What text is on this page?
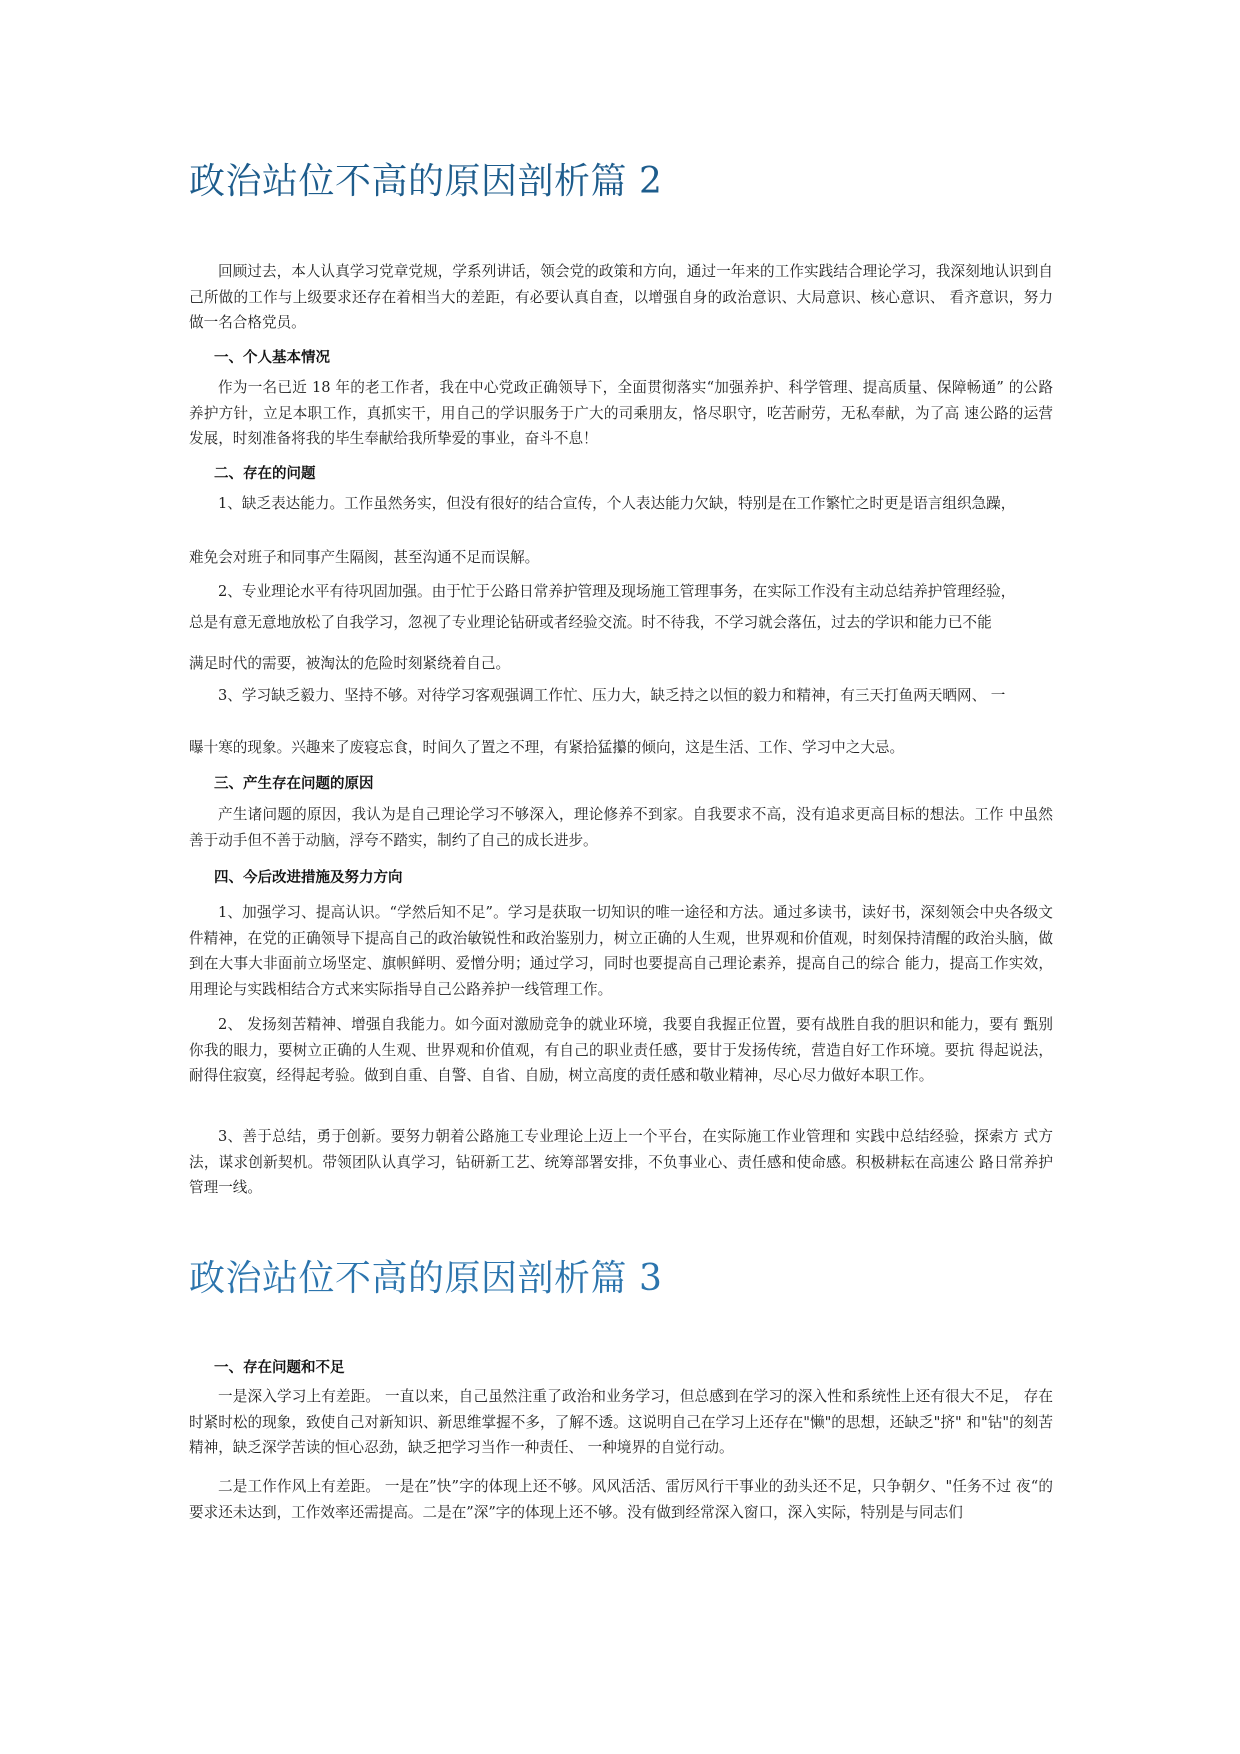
政治站位不高的原因剖析篇 2

回顾过去，本人认真学习党章党规，学系列讲话，领会党的政策和方向，通过一年来的工作实践结合理论学习，我深刻地认识到自己所做的工作与上级要求还存在着相当大的差距，有必要认真自查，以增强自身的政治意识、大局意识、核心意识、 看齐意识，努力做一名合格党员。

一、个人基本情况

作为一名已近 18 年的老工作者，我在中心党政正确领导下，全面贯彻落实“加强养护、科学管理、提高质量、保障畅通” 的公路养护方针，立足本职工作，真抓实干，用自己的学识服务于广大的司乘朋友，恪尽职守，吃苦耐劳，无私奉献，为了高 速公路的运营发展，时刻准备将我的毕生奉献给我所挚爱的事业，奋斗不息！

二、存在的问题

1、缺乏表达能力。工作虽然务实，但没有很好的结合宣传，个人表达能力欠缺，特别是在工作繁忙之时更是语言组织急躁，

难免会对班子和同事产生隔阂，甚至沟通不足而误解。

2、专业理论水平有待巩固加强。由于忙于公路日常养护管理及现场施工管理事务，在实际工作没有主动总结养护管理经验，

总是有意无意地放松了自我学习，忽视了专业理论钻研或者经验交流。时不待我，不学习就会落伍，过去的学识和能力已不能

满足时代的需要，被淘汰的危险时刻紧绕着自己。

3、学习缺乏毅力、坚持不够。对待学习客观强调工作忙、压力大，缺乏持之以恒的毅力和精神，有三天打鱼两天晒网、 一

曝十寒的现象。兴趣来了废寝忘食，时间久了置之不理，有紧拾猛攥的倾向，这是生活、工作、学习中之大忌。

三、产生存在问题的原因

产生诸问题的原因，我认为是自己理论学习不够深入，理论修养不到家。自我要求不高，没有追求更高目标的想法。工作 中虽然善于动手但不善于动脑，浮夸不踏实，制约了自己的成长进步。

四、今后改进措施及努力方向

1、加强学习、提高认识。“学然后知不足”。学习是获取一切知识的唯一途径和方法。通过多读书，读好书，深刻领会中央各级文件精神，在党的正确领导下提高自己的政治敏锐性和政治鉴别力，树立正确的人生观，世界观和价值观，时刻保持清醒的政治头脑，做到在大事大非面前立场坚定、旗帜鲜明、爱憎分明；通过学习，同时也要提高自己理论素养，提高自己的综合 能力，提高工作实效，用理论与实践相结合方式来实际指导自己公路养护一线管理工作。

2、 发扬刻苦精神、增强自我能力。如今面对激励竞争的就业环境，我要自我握正位置，要有战胜自我的胆识和能力，要有 甄别你我的眼力，要树立正确的人生观、世界观和价值观，有自己的职业责任感，要甘于发扬传统，营造自好工作环境。要抗 得起说法，耐得住寂寞，经得起考验。做到自重、自警、自省、自励，树立高度的责任感和敬业精神，尽心尽力做好本职工作。

3、善于总结，勇于创新。要努力朝着公路施工专业理论上迈上一个平台，在实际施工作业管理和 实践中总结经验，探索方 式方法，谋求创新契机。带领团队认真学习，钻研新工艺、统筹部署安排，不负事业心、责任感和使命感。积极耕耘在高速公 路日常养护管理一线。

政治站位不高的原因剖析篇 3
一、存在问题和不足

一是深入学习上有差距。 一直以来，自己虽然注重了政治和业务学习，但总感到在学习的深入性和系统性上还有很大不足， 存在时紧时松的现象，致使自己对新知识、新思维掌握不多，了解不透。这说明自己在学习上还存在"懒"的思想，还缺乏"挤" 和"钻"的刻苦精神，缺乏深学苦读的恒心忍劲，缺乏把学习当作一种责任、 一种境界的自觉行动。

二是工作作风上有差距。 一是在”快”字的体现上还不够。风风活活、雷厉风行干事业的劲头还不足，只争朝夕、"任务不过 夜“的要求还未达到，工作效率还需提高。二是在”深”字的体现上还不够。没有做到经常深入窗口，深入实际，特别是与同志们
